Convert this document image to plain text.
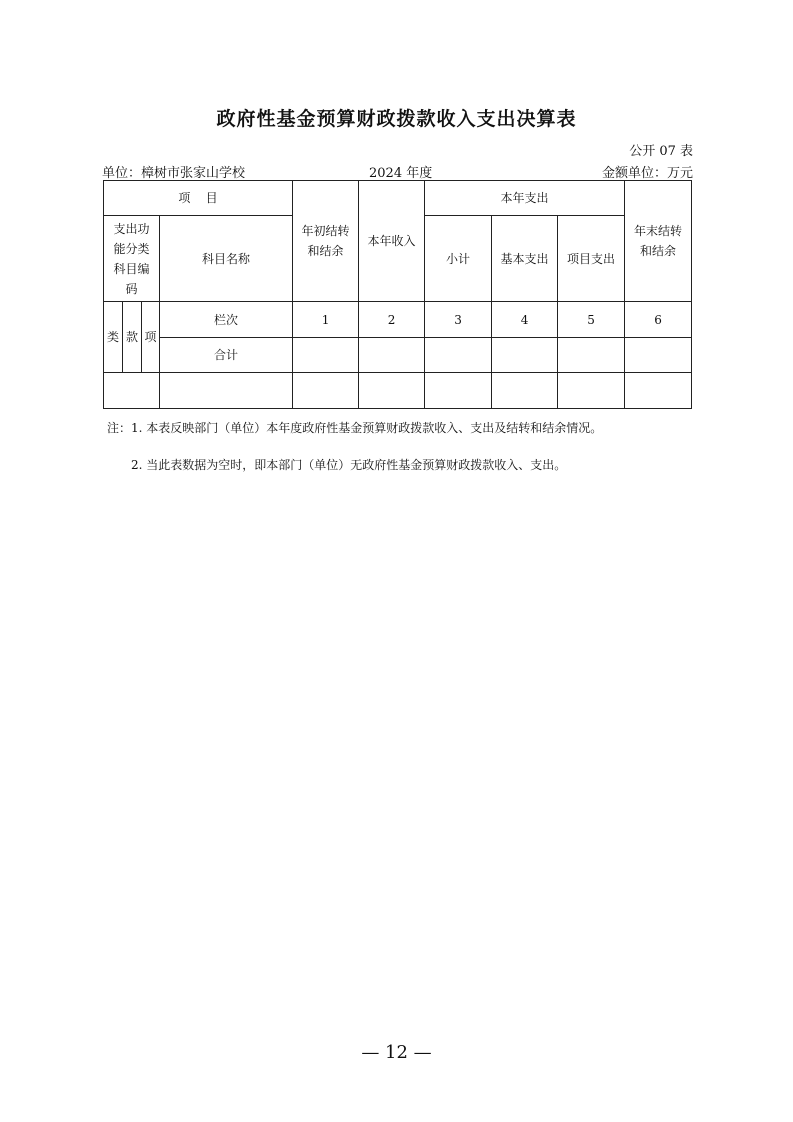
政府性基金预算财政拨款收入支出决算表
公开 07 表
单位：樟树市张家山学校	2024 年度	金额单位：万元
项    目				年初结转和结余	本年收入	本年支出			年末结转和结余
支出功能分类科目编码			科目名称			小计	基本支出	项目支出	
类	款	项	栏次	1	2	3	4	5	6
			合计						

注：1. 本表反映部门（单位）本年度政府性基金预算财政拨款收入、支出及结转和结余情况。
2. 当此表数据为空时，即本部门（单位）无政府性基金预算财政拨款收入、支出。
— 12 —
